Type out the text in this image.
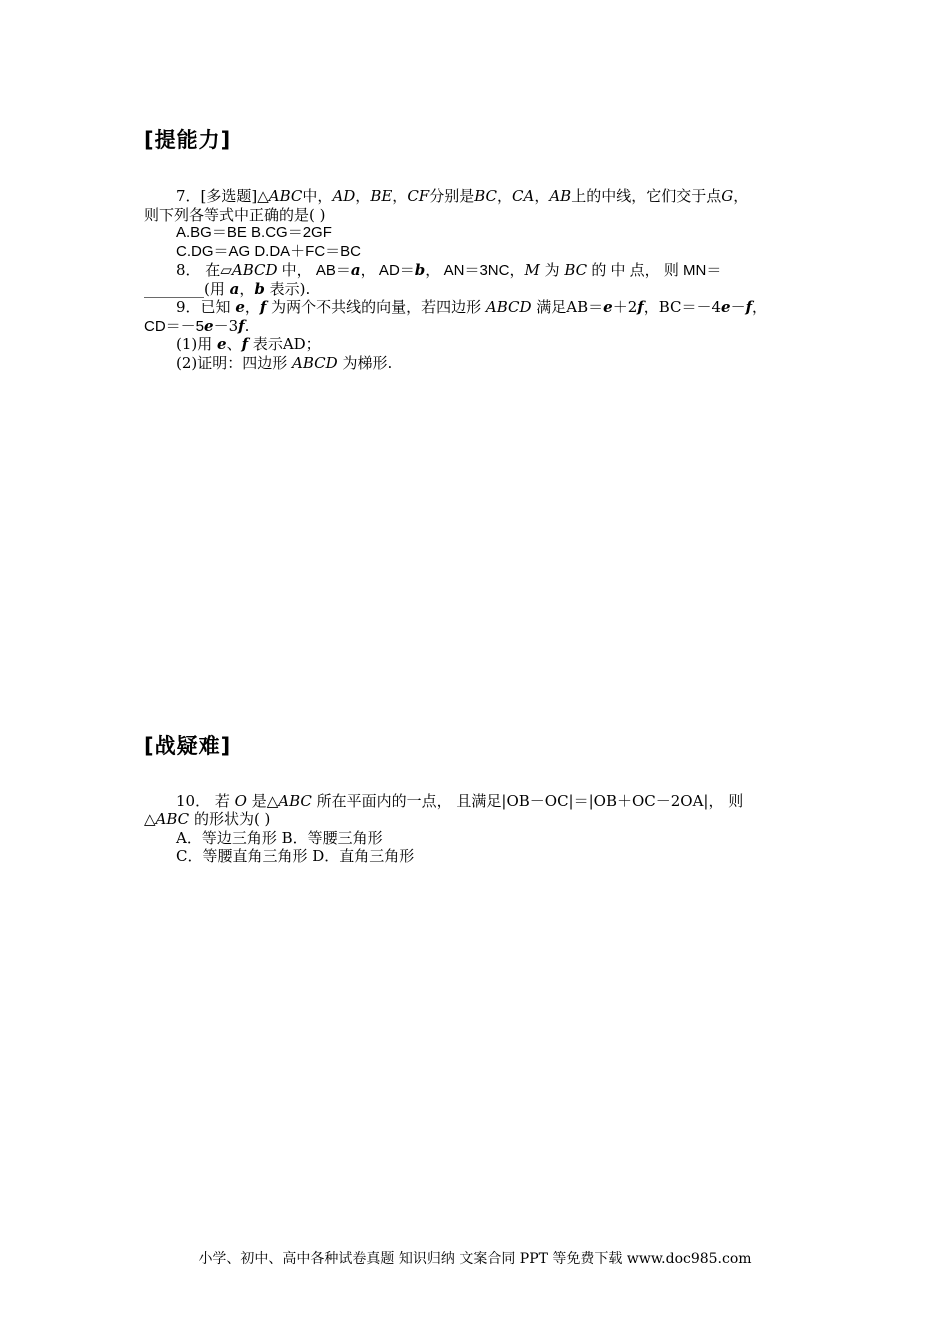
[提能力]
7．[多选题]△ABC中，AD，BE，CF分别是BC，CA，AB上的中线，它们交于点G，
则下列各等式中正确的是( )
A.BG＝BE B.CG＝2GF
C.DG＝AG D.DA＋FC＝BC
8． 在▱ABCD 中， AB＝a， AD＝b， AN＝3NC，M 为 BC 的 中 点， 则 MN＝
________(用 a，b 表示).
9．已知 e，f 为两个不共线的向量，若四边形 ABCD 满足AB＝e＋2f，BC＝－4e－f，
CD＝－5e－3f.
(1)用 e、f 表示AD；
(2)证明：四边形 ABCD 为梯形.
[战疑难]
10． 若 O 是△ABC 所在平面内的一点， 且满足|OB－OC|＝|OB＋OC－2OA|， 则
△ABC 的形状为( )
A．等边三角形 B．等腰三角形
C．等腰直角三角形 D．直角三角形
小学、初中、高中各种试卷真题 知识归纳 文案合同 PPT 等免费下载 www.doc985.com
